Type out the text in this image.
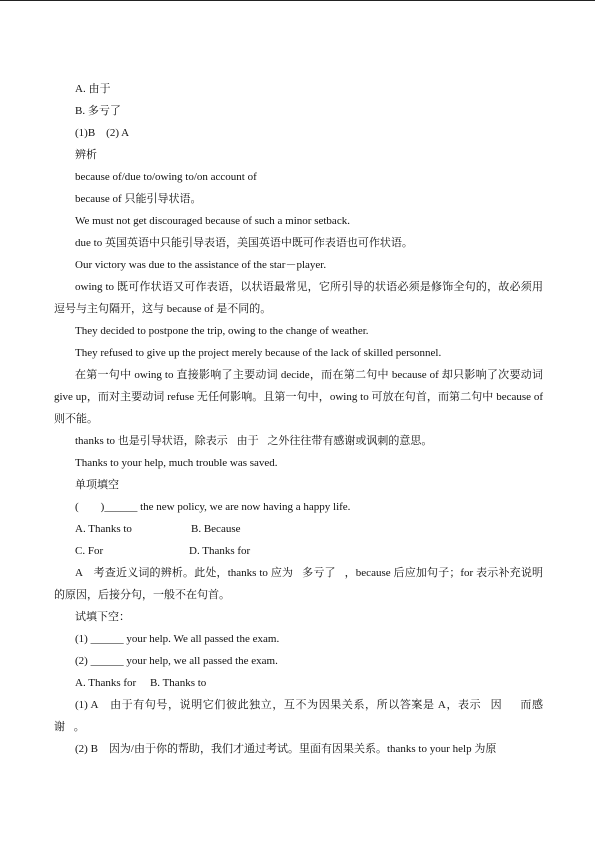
A. 由于
B. 多亏了
(1)B　(2) A
辨析
because of/due to/owing to/on account of
because of 只能引导状语。
We must not get discouraged because of such a minor setback.
due to 英国英语中只能引导表语，美国英语中既可作表语也可作状语。
Our victory was due to the assistance of the star－player.
owing to 既可作状语又可作表语，以状语最常见，它所引导的状语必须是修饰全句的，故必须用逗号与主句隔开，这与 because of 是不同的。
They decided to postpone the trip, owing to the change of weather.
They refused to give up the project merely because of the lack of skilled personnel.
在第一句中 owing to 直接影响了主要动词 decide，而在第二句中 because of 却只影响了次要动词 give up，而对主要动词 refuse 无任何影响。且第一句中，owing to 可放在句首，而第二句中 because of 则不能。
thanks to 也是引导状语，除表示由于之外往往带有感谢或讽刺的意思。
Thanks to your help, much trouble was saved.
单项填空
(　　)______ the new policy, we are now having a happy life.
A. Thanks to	B. Because
C. For	D. Thanks for
A　考查近义词的辨析。此处，thanks to 应为多亏了，because 后应加句子；for 表示补充说明的原因，后接分句，一般不在句首。
试填下空：
(1) ______ your help. We all passed the exam.
(2) ______ your help, we all passed the exam.
A. Thanks for　 B. Thanks to
(1) A　由于有句号，说明它们彼此独立，互不为因果关系，所以答案是 A，表示因而感谢。
(2) B　因为/由于你的帮助，我们才通过考试。里面有因果关系。thanks to your help 为原
